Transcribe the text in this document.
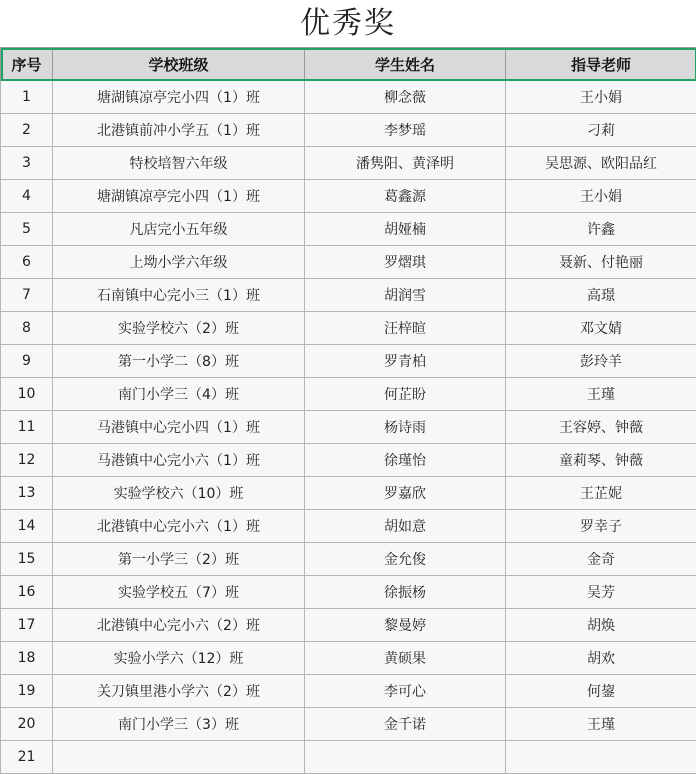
优秀奖
序号	学校班级	学生姓名	指导老师
1	塘湖镇凉亭完小四（1）班	柳念薇	王小娟
2	北港镇前冲小学五（1）班	李梦瑶	刁莉
3	特校培智六年级	潘隽阳、黄泽明	吴思源、欧阳品红
4	塘湖镇凉亭完小四（1）班	葛鑫源	王小娟
5	凡店完小五年级	胡娅楠	许鑫
6	上坳小学六年级	罗熠琪	聂新、付艳丽
7	石南镇中心完小三（1）班	胡润雪	高璟
8	实验学校六（2）班	汪梓暄	邓文婧
9	第一小学二（8）班	罗青柏	彭玲羊
10	南门小学三（4）班	何芷盼	王瑾
11	马港镇中心完小四（1）班	杨诗雨	王容婷、钟薇
12	马港镇中心完小六（1）班	徐瑾怡	童莉琴、钟薇
13	实验学校六（10）班	罗嘉欣	王芷妮
14	北港镇中心完小六（1）班	胡如意	罗幸子
15	第一小学三（2）班	金允俊	金奇
16	实验学校五（7）班	徐振杨	吴芳
17	北港镇中心完小六（2）班	黎曼婷	胡焕
18	实验小学六（12）班	黄硕果	胡欢
19	关刀镇里港小学六（2）班	李可心	何鋆
20	南门小学三（3）班	金千诺	王瑾
21			
